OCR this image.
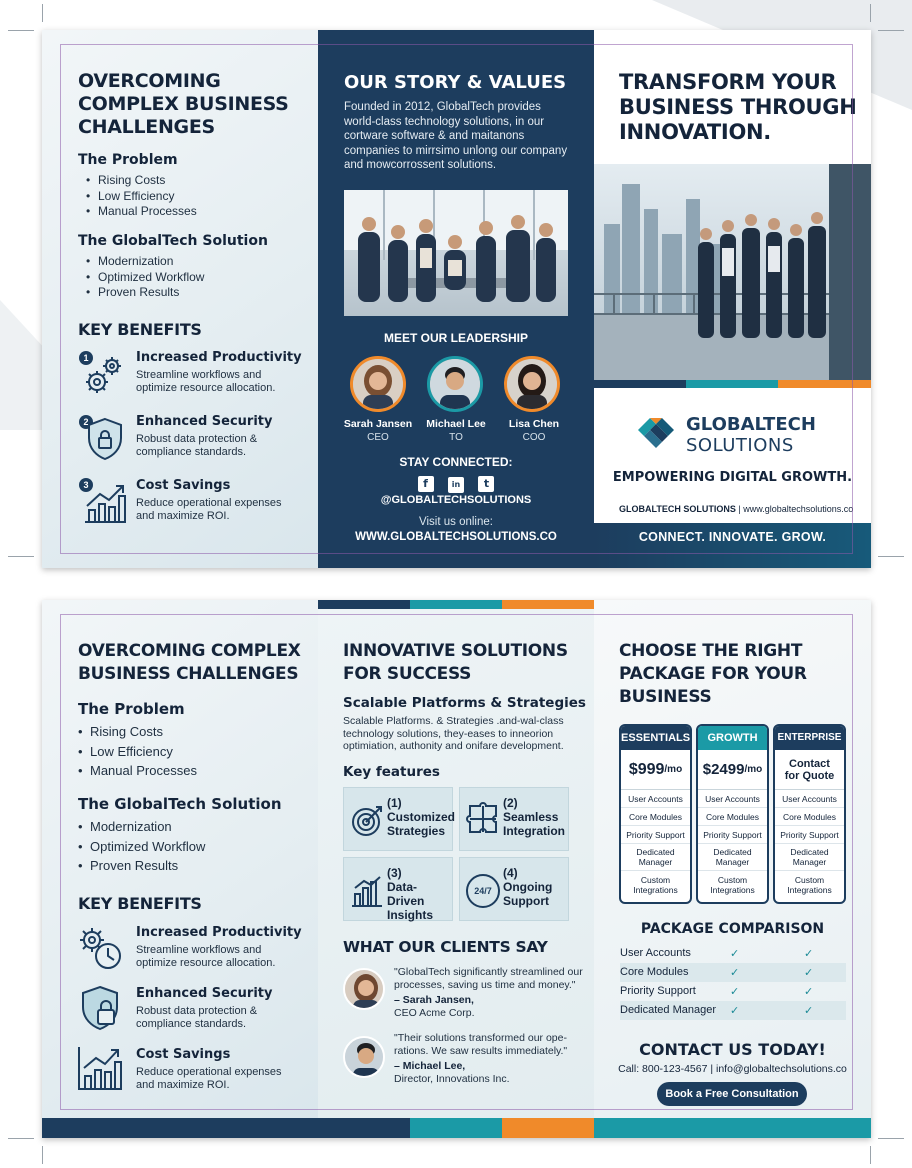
OVERCOMING COMPLEX BUSINESS CHALLENGES
The Problem
• Rising Costs
• Low Efficiency
• Manual Processes
The GlobalTech Solution
• Modernization
• Optimized Workflow
• Proven Results
KEY BENEFITS
1	Increased Productivity
Streamline workflows and optimize resource allocation.
2	Enhanced Security
Robust data protection & compliance standards.
3	Cost Savings
Reduce operational expenses and maximize ROI.
OUR STORY & VALUES
Founded in 2012, GlobalTech provides world-class technology solutions, in our cortware software & and maitanons companies to mirrsimo unlong our company and mowcorrossent solutions.
MEET OUR LEADERSHIP
Sarah Jansen
CEO
Michael Lee
TO
Lisa Chen
COO
STAY CONNECTED:
f	in t
@GLOBALTECHSOLUTIONS
Visit us online:
WWW.GLOBALTECHSOLUTIONS.CO
TRANSFORM YOUR BUSINESS THROUGH INNOVATION.
GLOBALTECH
SOLUTIONS
EMPOWERING DIGITAL GROWTH.
GLOBALTECH SOLUTIONS | www.globaltechsolutions.co
CONNECT. INNOVATE. GROW.
OVERCOMING COMPLEX BUSINESS CHALLENGES
The Problem
• Rising Costs
• Low Efficiency
• Manual Processes
The GlobalTech Solution
• Modernization
• Optimized Workflow
• Proven Results
KEY BENEFITS
Increased Productivity
Streamline workflows and optimize resource allocation.
Enhanced Security
Robust data protection & compliance standards.
Cost Savings
Reduce operational expenses and maximize ROI.
INNOVATIVE SOLUTIONS FOR SUCCESS
Scalable Platforms & Strategies
Scalable Platforms. & Strategies .and-wal-class technology solutions, they-eases to inneorion optimiation, authonity and onifare development.
Key features
(1)
Customized Strategies
(2)
Seamless Integration
(3)
Data-Driven Insights
24/7
(4)
Ongoing Support
WHAT OUR CLIENTS SAY
"GlobalTech significantly streamlined our processes, saving us time and money."
– Sarah Jansen,
CEO Acme Corp.
"Their solutions transformed our ope-rations. We saw results immediately."
– Michael Lee,
Director, Innovations Inc.
CHOOSE THE RIGHT PACKAGE FOR YOUR BUSINESS
ESSENTIALS
$999 /mo
User Accounts
Core Modules
Priority Support
Dedicated Manager
Custom Integrations
GROWTH
$2499 /mo
User Accounts
Core Modules
Priority Support
Dedicated Manager
Custom Integrations
ENTERPRISE
Contact for Quote
User Accounts
Core Modules
Priority Support
Dedicated Manager
Custom Integrations
PACKAGE COMPARISON
User Accounts	✓	✓
Core Modules	✓	✓
Priority Support	✓	✓
Dedicated Manager ✓	✓
CONTACT US TODAY!
Call: 800-123-4567 | info@globaltechsolutions.co
Book a Free Consultation
